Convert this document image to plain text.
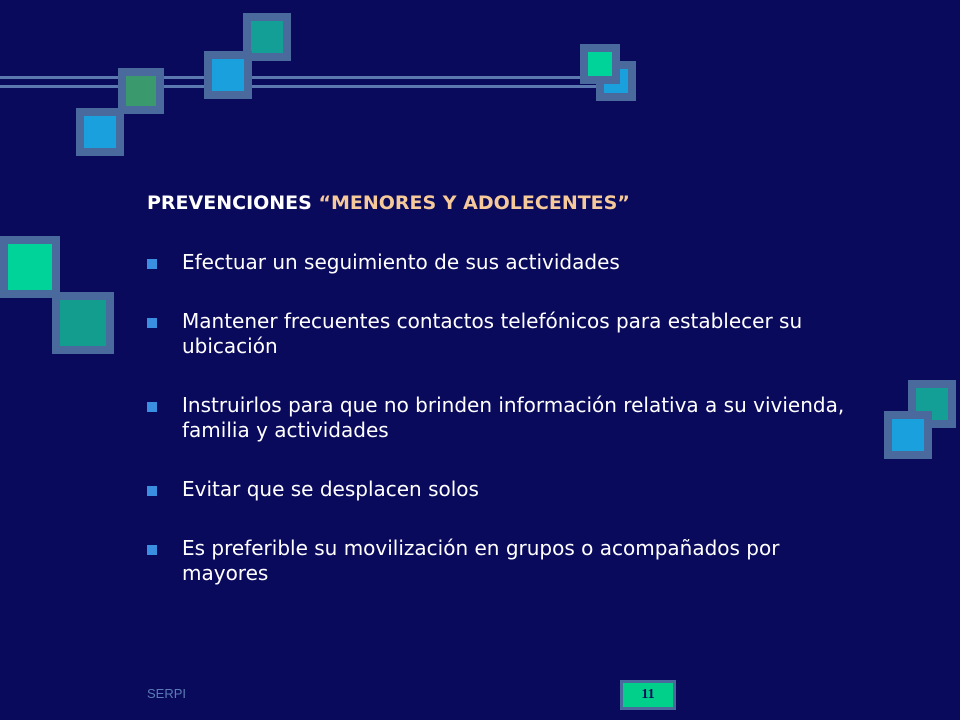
PREVENCIONES “MENORES Y ADOLECENTES”
Efectuar un seguimiento de sus actividades
Mantener frecuentes contactos telefónicos para establecer su ubicación
Instruirlos para que no brinden información relativa a su vivienda, familia y actividades
Evitar que se desplacen solos
Es preferible su movilización en grupos o acompañados por mayores
SERPI	11
